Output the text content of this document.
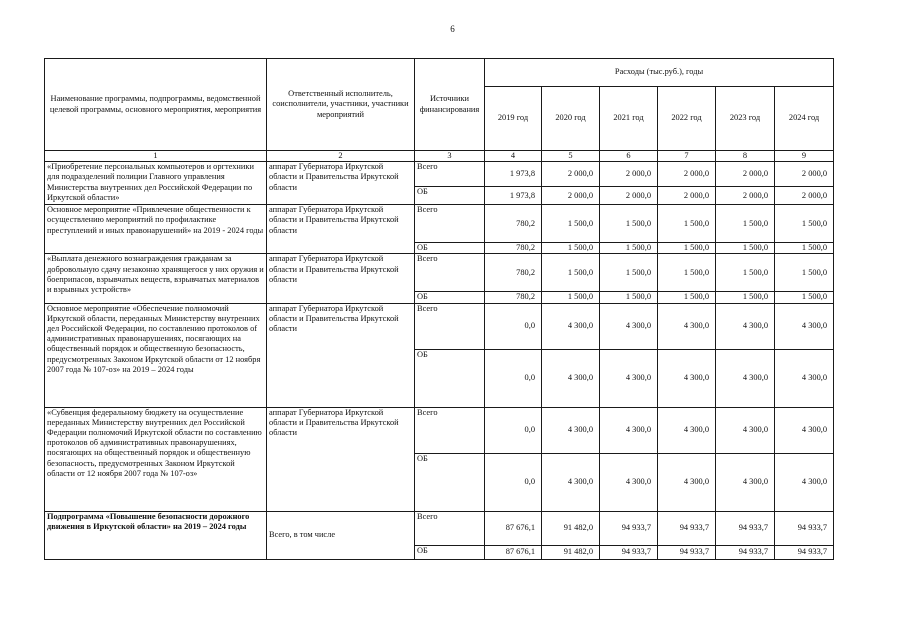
6
Наименование программы, подпрограммы, ведомственной целевой программы, основного мероприятия, мероприятия	Ответственный исполнитель, соисполнители, участники, участники мероприятий	Источники финансирования	Расходы (тыс.руб.), годы					
			2019 год	2020 год	2021 год	2022 год	2023 год	2024 год
1	2	3	4	5	6	7	8	9
«Приобретение персональных компьютеров и оргтехники для подразделений полиции Главного управления Министерства внутренних дел Российской Федерации по Иркутской области»	аппарат Губернатора Иркутской области и Правительства Иркутской области	Всего	1 973,8	2 000,0	2 000,0	2 000,0	2 000,0	2 000,0
		ОБ	1 973,8	2 000,0	2 000,0	2 000,0	2 000,0	2 000,0
Основное мероприятие «Привлечение общественности к осуществлению мероприятий по профилактике преступлений и иных правонарушений» на 2019 - 2024 годы	аппарат Губернатора Иркутской области и Правительства Иркутской области	Всего	780,2	1 500,0	1 500,0	1 500,0	1 500,0	1 500,0
		ОБ	780,2	1 500,0	1 500,0	1 500,0	1 500,0	1 500,0
«Выплата денежного вознаграждения гражданам за добровольную сдачу незаконно хранящегося у них оружия и боеприпасов, взрывчатых веществ, взрывчатых материалов и взрывных устройств»	аппарат Губернатора Иркутской области и Правительства Иркутской области	Всего	780,2	1 500,0	1 500,0	1 500,0	1 500,0	1 500,0
		ОБ	780,2	1 500,0	1 500,0	1 500,0	1 500,0	1 500,0
Основное мероприятие «Обеспечение полномочий Иркутской области, переданных Министерству внутренних дел Российской Федерации, по составлению протоколов of административных правонарушениях, посягающих на общественный порядок и общественную безопасность, предусмотренных Законом Иркутской области от 12 ноября 2007 года № 107-оз» на 2019 – 2024 годы	аппарат Губернатора Иркутской области и Правительства Иркутской области	Всего	0,0	4 300,0	4 300,0	4 300,0	4 300,0	4 300,0
		ОБ	0,0	4 300,0	4 300,0	4 300,0	4 300,0	4 300,0
«Субвенция федеральному бюджету на осуществление переданных Министерству внутренних дел Российской Федерации полномочий Иркутской области по составлению протоколов об административных правонарушениях, посягающих на общественный порядок и общественную безопасность, предусмотренных Законом Иркутской области от 12 ноября 2007 года № 107-оз»	аппарат Губернатора Иркутской области и Правительства Иркутской области	Всего	0,0	4 300,0	4 300,0	4 300,0	4 300,0	4 300,0
		ОБ	0,0	4 300,0	4 300,0	4 300,0	4 300,0	4 300,0
Подпрограмма «Повышение безопасности дорожного движения в Иркутской области» на 2019 – 2024 годы	Всего, в том числе	Всего	87 676,1	91 482,0	94 933,7	94 933,7	94 933,7	94 933,7
		ОБ	87 676,1	91 482,0	94 933,7	94 933,7	94 933,7	94 933,7
